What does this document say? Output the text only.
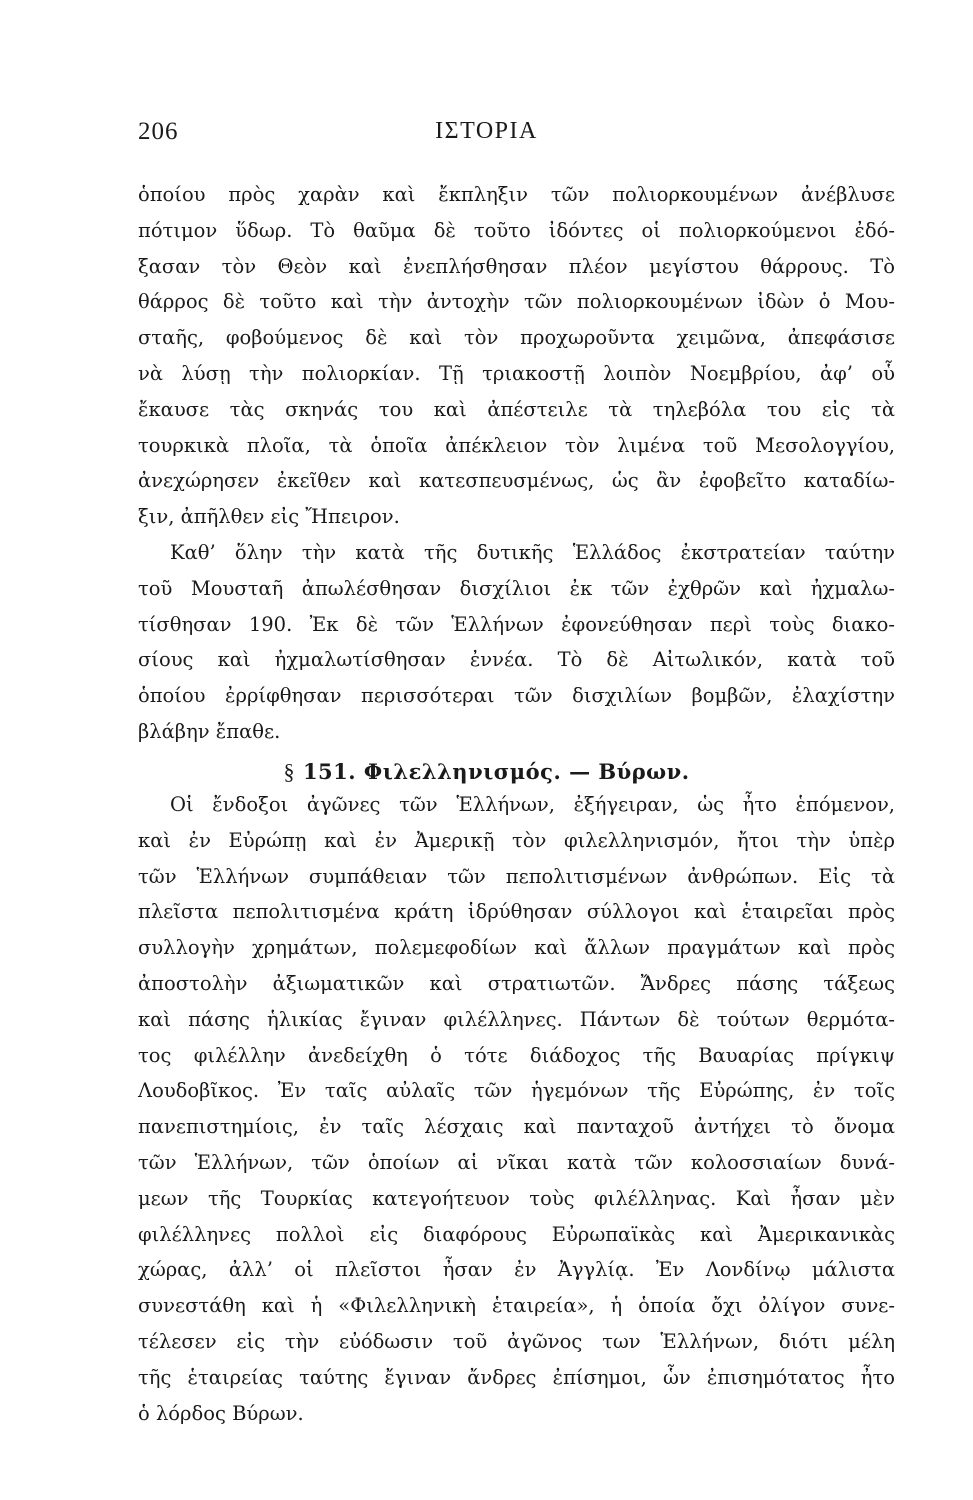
206	ΙΣΤΟΡΙΑ
ὁποίου πρὸς χαρὰν καὶ ἔκπληξιν τῶν πολιορκουμένων ἀνέβλυσε
πότιμον ὕδωρ. Τὸ θαῦμα δὲ τοῦτο ἰδόντες οἱ πολιορκούμενοι ἐδό-
ξασαν τὸν Θεὸν καὶ ἐνεπλήσθησαν πλέον μεγίστου θάρρους. Τὸ
θάρρος δὲ τοῦτο καὶ τὴν ἀντοχὴν τῶν πολιορκουμένων ἰδὼν ὁ Μου-
σταῆς, φοβούμενος δὲ καὶ τὸν προχωροῦντα χειμῶνα, ἀπεφάσισε
νὰ λύσῃ τὴν πολιορκίαν. Τῇ τριακοστῇ λοιπὸν Νοεμβρίου, ἀφ’ οὗ
ἔκαυσε τὰς σκηνάς του καὶ ἀπέστειλε τὰ τηλεβόλα του εἰς τὰ
τουρκικὰ πλοῖα, τὰ ὁποῖα ἀπέκλειον τὸν λιμένα τοῦ Μεσολογγίου,
ἀνεχώρησεν ἐκεῖθεν καὶ κατεσπευσμένως, ὡς ἂν ἐφοβεῖτο καταδίω-
ξιν, ἀπῆλθεν εἰς Ἤπειρον.
Καθ’ ὅλην τὴν κατὰ τῆς δυτικῆς Ἑλλάδος ἐκστρατείαν ταύτην
τοῦ Μουσταῆ ἀπωλέσθησαν δισχίλιοι ἐκ τῶν ἐχθρῶν καὶ ἠχμαλω-
τίσθησαν 190. Ἐκ δὲ τῶν Ἑλλήνων ἐφονεύθησαν περὶ τοὺς διακο-
σίους καὶ ἠχμαλωτίσθησαν ἐννέα. Τὸ δὲ Αἰτωλικόν, κατὰ τοῦ
ὁποίου ἐρρίφθησαν περισσότεραι τῶν δισχιλίων βομβῶν, ἐλαχίστην
βλάβην ἔπαθε.
§ 151. Φιλελληνισμός. — Βύρων.
Οἱ ἔνδοξοι ἀγῶνες τῶν Ἑλλήνων, ἐξήγειραν, ὡς ἦτο ἑπόμενον,
καὶ ἐν Εὐρώπῃ καὶ ἐν Ἀμερικῇ τὸν φιλελληνισμόν, ἤτοι τὴν ὑπὲρ
τῶν Ἑλλήνων συμπάθειαν τῶν πεπολιτισμένων ἀνθρώπων. Εἰς τὰ
πλεῖστα πεπολιτισμένα κράτη ἱδρύθησαν σύλλογοι καὶ ἑταιρεῖαι πρὸς
συλλογὴν χρημάτων, πολεμεφοδίων καὶ ἄλλων πραγμάτων καὶ πρὸς
ἀποστολὴν ἀξιωματικῶν καὶ στρατιωτῶν. Ἄνδρες πάσης τάξεως
καὶ πάσης ἡλικίας ἔγιναν φιλέλληνες. Πάντων δὲ τούτων θερμότα-
τος φιλέλλην ἀνεδείχθη ὁ τότε διάδοχος τῆς Βαυαρίας πρίγκιψ
Λουδοβῖκος. Ἐν ταῖς αὐλαῖς τῶν ἡγεμόνων τῆς Εὐρώπης, ἐν τοῖς
πανεπιστημίοις, ἐν ταῖς λέσχαις καὶ πανταχοῦ ἀντήχει τὸ ὄνομα
τῶν Ἑλλήνων, τῶν ὁποίων αἱ νῖκαι κατὰ τῶν κολοσσιαίων δυνά-
μεων τῆς Τουρκίας κατεγοήτευον τοὺς φιλέλληνας. Καὶ ἦσαν μὲν
φιλέλληνες πολλοὶ εἰς διαφόρους Εὐρωπαϊκὰς καὶ Ἀμερικανικὰς
χώρας, ἀλλ’ οἱ πλεῖστοι ἦσαν ἐν Ἀγγλίᾳ. Ἐν Λονδίνῳ μάλιστα
συνεστάθη καὶ ἡ «Φιλελληνικὴ ἑταιρεία», ἡ ὁποία ὄχι ὀλίγον συνε-
τέλεσεν εἰς τὴν εὐόδωσιν τοῦ ἀγῶνος των Ἑλλήνων, διότι μέλη
τῆς ἑταιρείας ταύτης ἔγιναν ἄνδρες ἐπίσημοι, ὧν ἐπισημότατος ἦτο
ὁ λόρδος Βύρων.
